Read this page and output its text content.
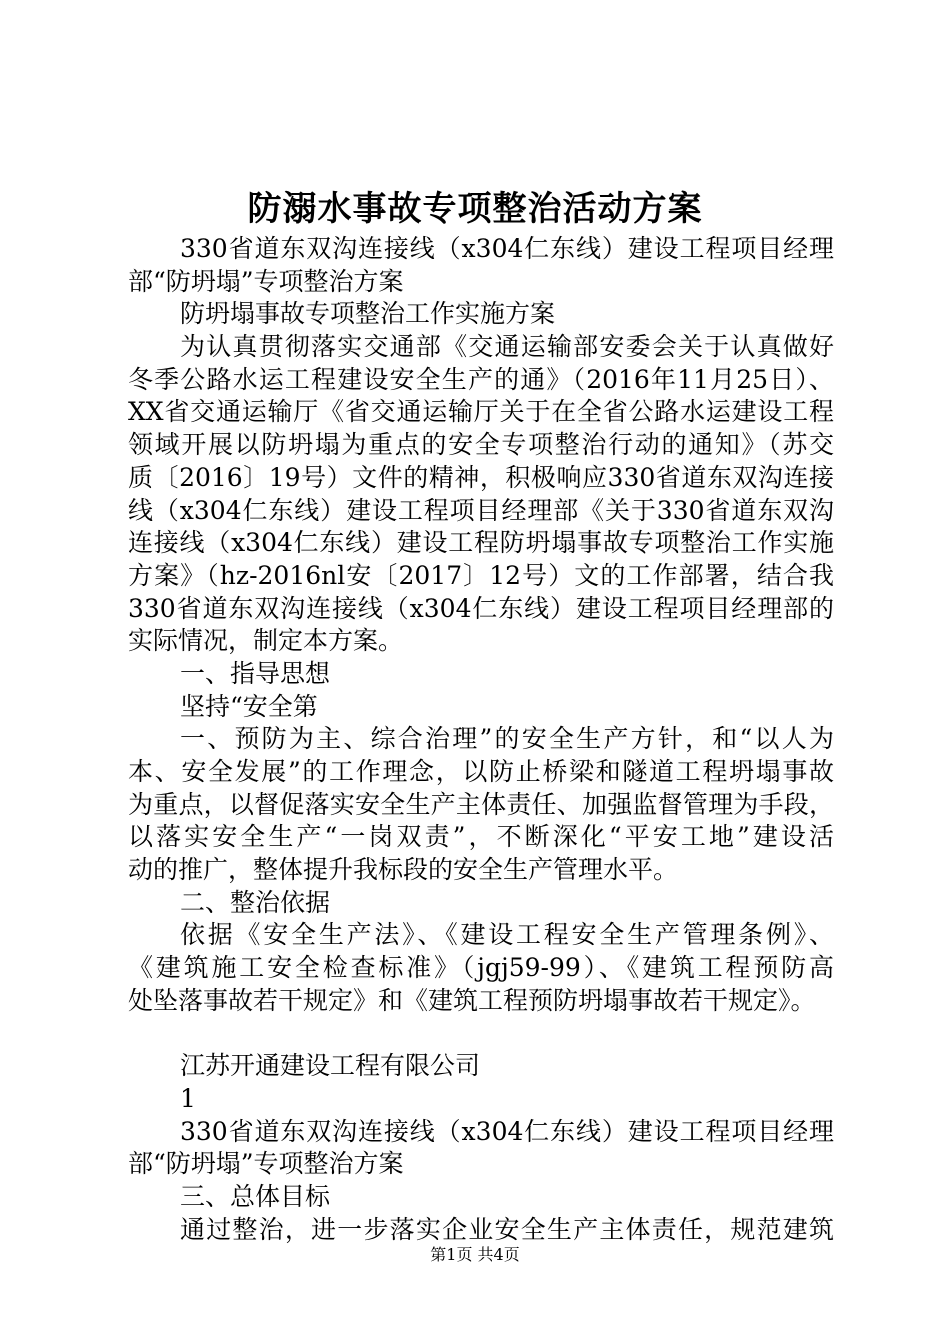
防溺水事故专项整治活动方案
330省道东双沟连接线（x304仁东线）建设工程项目经理
部“防坍塌”专项整治方案
防坍塌事故专项整治工作实施方案
为认真贯彻落实交通部《交通运输部安委会关于认真做好
冬季公路水运工程建设安全生产的通》（2016年11月25日）、
XX省交通运输厅《省交通运输厅关于在全省公路水运建设工程
领域开展以防坍塌为重点的安全专项整治行动的通知》（苏交
质〔2016〕19号）文件的精神，积极响应330省道东双沟连接
线（x304仁东线）建设工程项目经理部《关于330省道东双沟
连接线（x304仁东线）建设工程防坍塌事故专项整治工作实施
方案》（hz-2016nl安〔2017〕12号）文的工作部署，结合我
330省道东双沟连接线（x304仁东线）建设工程项目经理部的
实际情况，制定本方案。
一、指导思想
坚持“安全第
一、预防为主、综合治理”的安全生产方针，和“以人为
本、安全发展”的工作理念，以防止桥梁和隧道工程坍塌事故
为重点，以督促落实安全生产主体责任、加强监督管理为手段，
以落实安全生产“一岗双责”，不断深化“平安工地”建设活
动的推广，整体提升我标段的安全生产管理水平。
二、整治依据
依据《安全生产法》、《建设工程安全生产管理条例》、
《建筑施工安全检查标准》（jgj59-99）、《建筑工程预防高
处坠落事故若干规定》和《建筑工程预防坍塌事故若干规定》。
江苏开通建设工程有限公司
1
330省道东双沟连接线（x304仁东线）建设工程项目经理
部“防坍塌”专项整治方案
三、总体目标
通过整治，进一步落实企业安全生产主体责任，规范建筑
第1页 共4页
